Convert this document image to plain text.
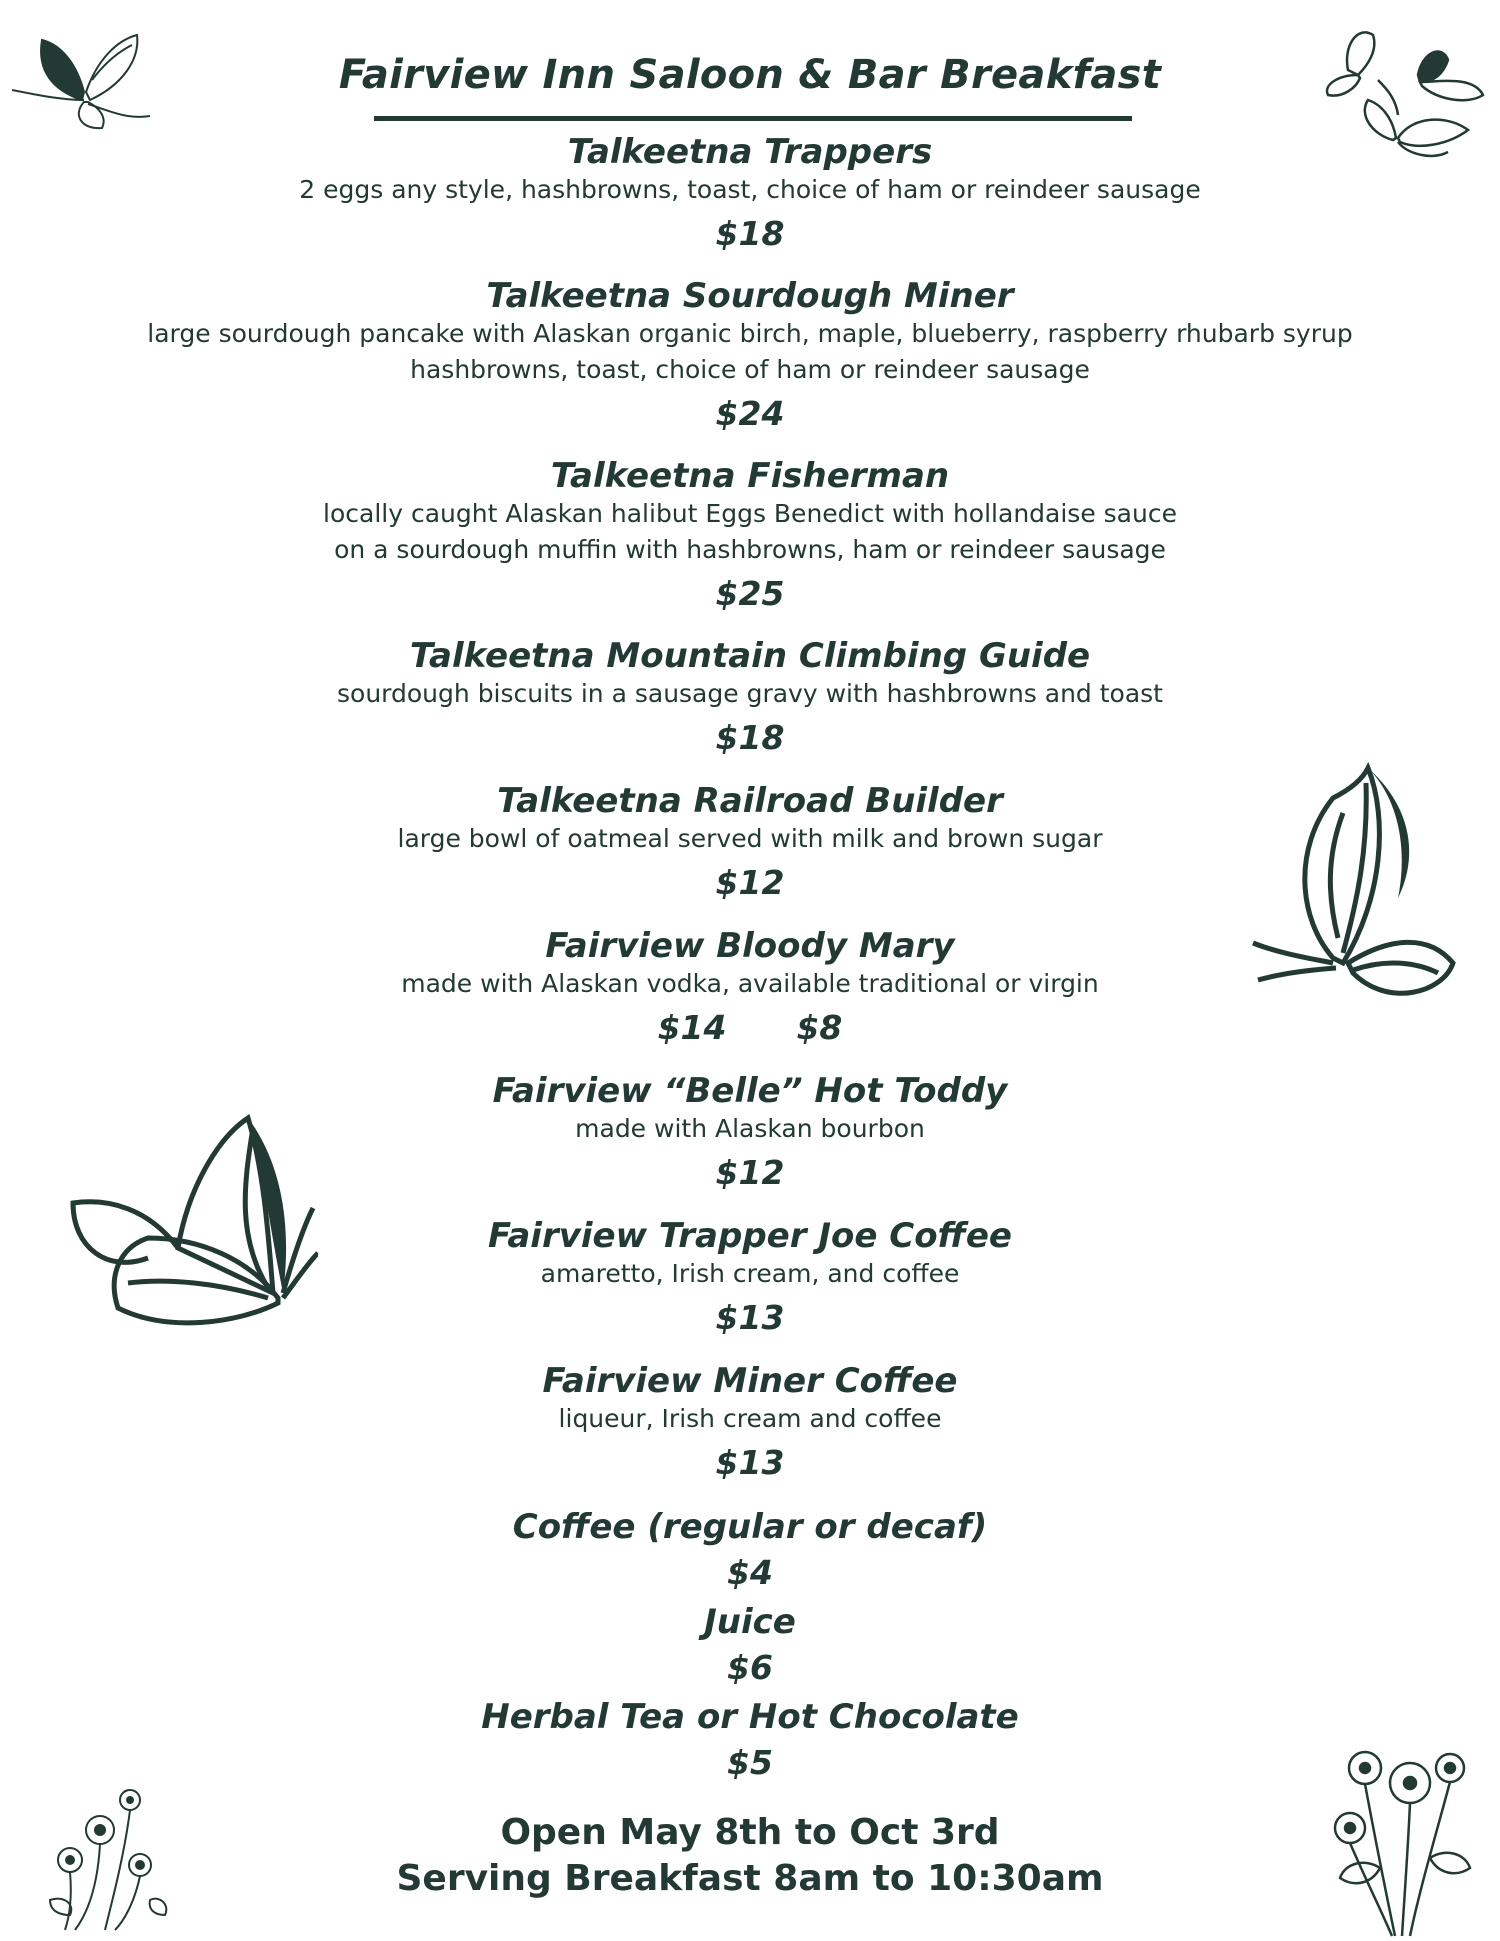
Fairview Inn Saloon & Bar Breakfast
Talkeetna Trappers
2 eggs any style, hashbrowns, toast, choice of ham or reindeer sausage
$18
Talkeetna Sourdough Miner
large sourdough pancake with Alaskan organic birch, maple, blueberry, raspberry rhubarb syrup
hashbrowns, toast, choice of ham or reindeer sausage
$24
Talkeetna Fisherman
locally caught Alaskan halibut Eggs Benedict with hollandaise sauce
on a sourdough muffin with hashbrowns, ham or reindeer sausage
$25
Talkeetna Mountain Climbing Guide
sourdough biscuits in a sausage gravy with hashbrowns and toast
$18
Talkeetna Railroad Builder
large bowl of oatmeal served with milk and brown sugar
$12
Fairview Bloody Mary
made with Alaskan vodka, available traditional or virgin
$14 $8
Fairview “Belle” Hot Toddy
made with Alaskan bourbon
$12
Fairview Trapper Joe Coffee
amaretto, Irish cream, and coffee
$13
Fairview Miner Coffee
liqueur, Irish cream and coffee
$13
Coffee (regular or decaf)
$4
Juice
$6
Herbal Tea or Hot Chocolate
$5
Open May 8th to Oct 3rd
Serving Breakfast 8am to 10:30am
